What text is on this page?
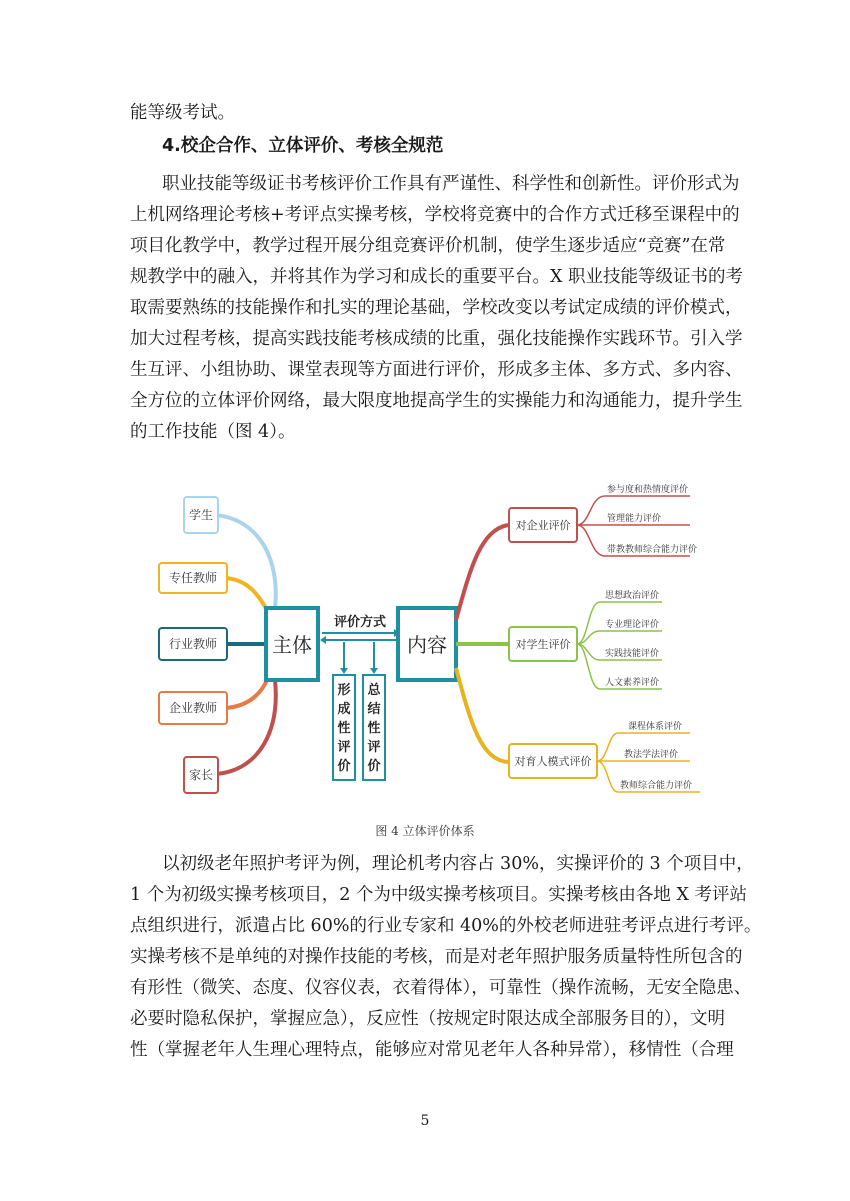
能等级考试。
4.校企合作、立体评价、考核全规范
职业技能等级证书考核评价工作具有严谨性、科学性和创新性。评价形式为
上机网络理论考核+考评点实操考核，学校将竞赛中的合作方式迁移至课程中的
项目化教学中，教学过程开展分组竞赛评价机制，使学生逐步适应“竞赛”在常
规教学中的融入，并将其作为学习和成长的重要平台。X 职业技能等级证书的考
取需要熟练的技能操作和扎实的理论基础，学校改变以考试定成绩的评价模式，
加大过程考核，提高实践技能考核成绩的比重，强化技能操作实践环节。引入学
生互评、小组协助、课堂表现等方面进行评价，形成多主体、多方式、多内容、
全方位的立体评价网络，最大限度地提高学生的实操能力和沟通能力，提升学生
的工作技能（图 4）。
学生
专任教师
行业教师
企业教师
家长
主体	内容
评价方式
形成性评价
总结性评价
对企业评价
参与度和热情度评价
管理能力评价
带教教师综合能力评价
对学生评价
思想政治评价
专业理论评价
实践技能评价
人文素养评价
对育人模式评价
课程体系评价
教法学法评价
教师综合能力评价
图 4 立体评价体系
以初级老年照护考评为例，理论机考内容占 30%，实操评价的 3 个项目中，
1 个为初级实操考核项目，2 个为中级实操考核项目。实操考核由各地 X 考评站
点组织进行，派遣占比 60%的行业专家和 40%的外校老师进驻考评点进行考评。
实操考核不是单纯的对操作技能的考核，而是对老年照护服务质量特性所包含的
有形性（微笑、态度、仪容仪表，衣着得体），可靠性（操作流畅，无安全隐患、
必要时隐私保护，掌握应急），反应性（按规定时限达成全部服务目的），文明
性（掌握老年人生理心理特点，能够应对常见老年人各种异常），移情性（合理
5
